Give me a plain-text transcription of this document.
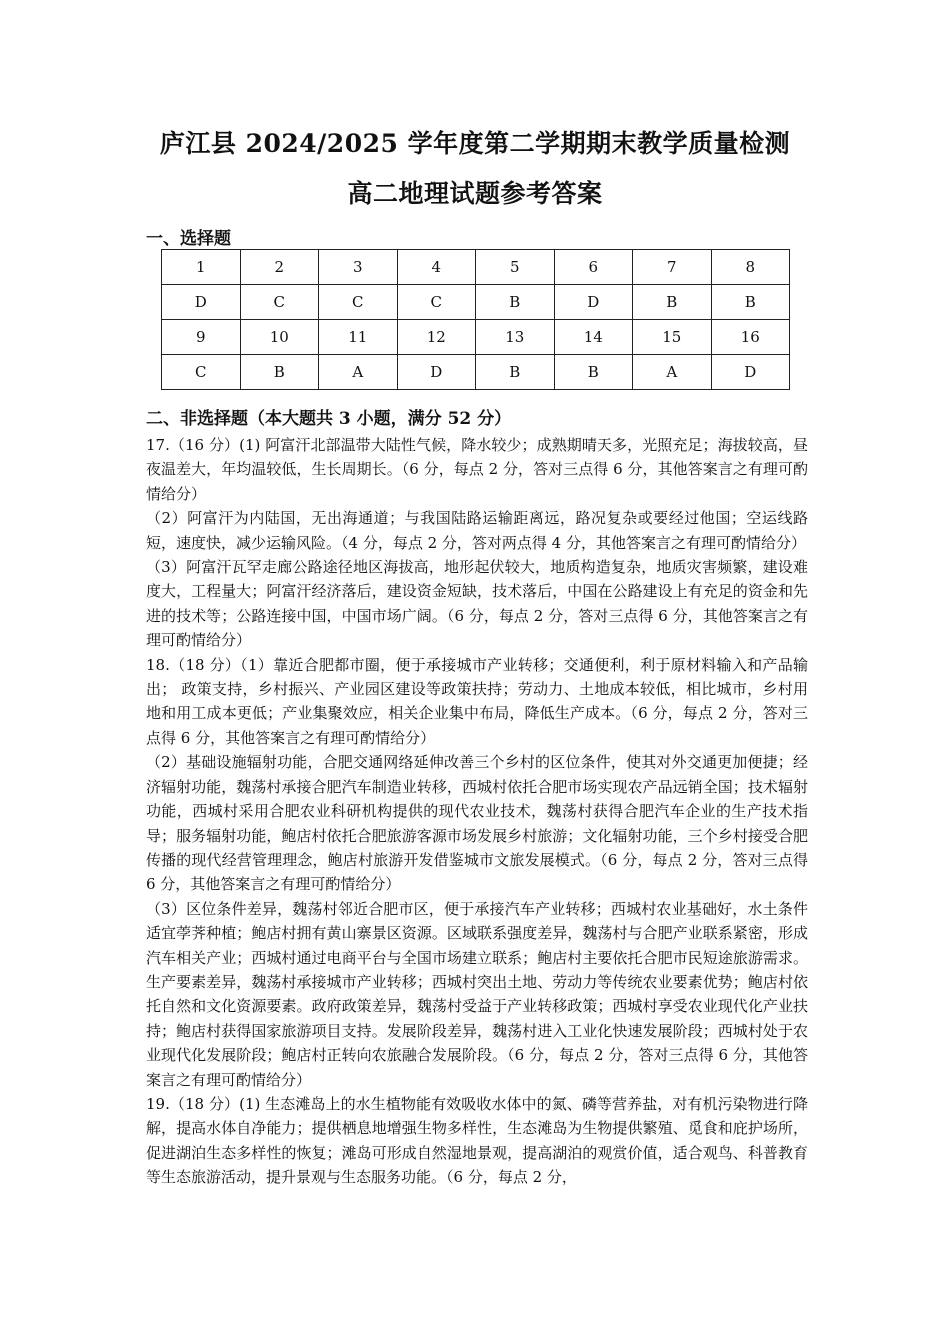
庐江县 2024/2025 学年度第二学期期末教学质量检测
高二地理试题参考答案
一、选择题
1	2	3	4	5	6	7	8
D	C	C	C	B	D	B	B
9	10	11	12	13	14	15	16
C	B	A	D	B	B	A	D
二、非选择题（本大题共 3 小题，满分 52 分）

17.（16 分）(1) 阿富汗北部温带大陆性气候，降水较少；成熟期晴天多，光照充足；海拔较高，昼夜温差大，年均温较低，生长周期长。（6 分，每点 2 分，答对三点得 6 分，其他答案言之有理可酌情给分）

（2）阿富汗为内陆国，无出海通道；与我国陆路运输距离远，路况复杂或要经过他国；空运线路短，速度快，减少运输风险。（4 分，每点 2 分，答对两点得 4 分，其他答案言之有理可酌情给分）

（3）阿富汗瓦罕走廊公路途径地区海拔高，地形起伏较大，地质构造复杂，地质灾害频繁，建设难度大，工程量大；阿富汗经济落后，建设资金短缺，技术落后，中国在公路建设上有充足的资金和先进的技术等；公路连接中国，中国市场广阔。（6 分，每点 2 分，答对三点得 6 分，其他答案言之有理可酌情给分）

18.（18 分）（1）靠近合肥都市圈，便于承接城市产业转移；交通便利，利于原材料输入和产品输出； 政策支持，乡村振兴、产业园区建设等政策扶持；劳动力、土地成本较低，相比城市，乡村用地和用工成本更低；产业集聚效应，相关企业集中布局，降低生产成本。（6 分，每点 2 分，答对三点得 6 分，其他答案言之有理可酌情给分）

（2）基础设施辐射功能，合肥交通网络延伸改善三个乡村的区位条件，使其对外交通更加便捷；经济辐射功能，魏荡村承接合肥汽车制造业转移，西城村依托合肥市场实现农产品远销全国；技术辐射功能，西城村采用合肥农业科研机构提供的现代农业技术，魏荡村获得合肥汽车企业的生产技术指导；服务辐射功能，鲍店村依托合肥旅游客源市场发展乡村旅游；文化辐射功能，三个乡村接受合肥传播的现代经营管理理念，鲍店村旅游开发借鉴城市文旅发展模式。（6 分，每点 2 分，答对三点得 6 分，其他答案言之有理可酌情给分）

（3）区位条件差异，魏荡村邻近合肥市区，便于承接汽车产业转移；西城村农业基础好，水土条件适宜荸荠种植；鲍店村拥有黄山寨景区资源。区域联系强度差异，魏荡村与合肥产业联系紧密，形成汽车相关产业；西城村通过电商平台与全国市场建立联系；鲍店村主要依托合肥市民短途旅游需求。生产要素差异，魏荡村承接城市产业转移；西城村突出土地、劳动力等传统农业要素优势；鲍店村依托自然和文化资源要素。政府政策差异，魏荡村受益于产业转移政策；西城村享受农业现代化产业扶持；鲍店村获得国家旅游项目支持。发展阶段差异，魏荡村进入工业化快速发展阶段；西城村处于农业现代化发展阶段；鲍店村正转向农旅融合发展阶段。（6 分，每点 2 分，答对三点得 6 分，其他答案言之有理可酌情给分）

19.（18 分）(1) 生态滩岛上的水生植物能有效吸收水体中的氮、磷等营养盐，对有机污染物进行降解，提高水体自净能力；提供栖息地增强生物多样性，生态滩岛为生物提供繁殖、觅食和庇护场所，促进湖泊生态多样性的恢复；滩岛可形成自然湿地景观，提高湖泊的观赏价值，适合观鸟、科普教育等生态旅游活动，提升景观与生态服务功能。（6 分，每点 2 分，
